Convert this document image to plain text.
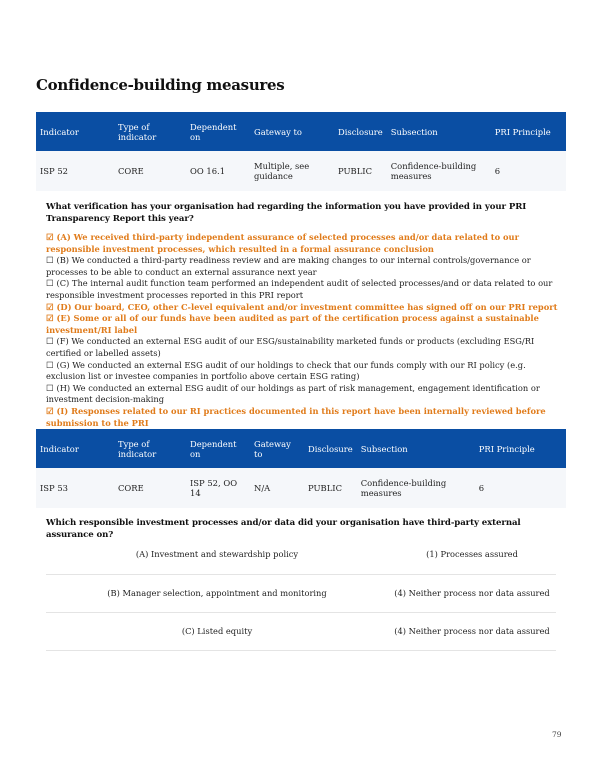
Confidence-building measures
Indicator	Type of indicator	Dependent on	Gateway to	Disclosure	Subsection	PRI Principle
ISP 52	CORE	OO 16.1	Multiple, see guidance	PUBLIC	Confidence-building measures	6
What verification has your organisation had regarding the information you have provided in your PRI Transparency Report this year?
☑ (A) We received third-party independent assurance of selected processes and/or data related to our responsible investment processes, which resulted in a formal assurance conclusion
☐ (B) We conducted a third-party readiness review and are making changes to our internal controls/governance or processes to be able to conduct an external assurance next year
☐ (C) The internal audit function team performed an independent audit of selected processes/and or data related to our responsible investment processes reported in this PRI report
☑ (D) Our board, CEO, other C-level equivalent and/or investment committee has signed off on our PRI report
☑ (E) Some or all of our funds have been audited as part of the certification process against a sustainable investment/RI label
☐ (F) We conducted an external ESG audit of our ESG/sustainability marketed funds or products (excluding ESG/RI certified or labelled assets)
☐ (G) We conducted an external ESG audit of our holdings to check that our funds comply with our RI policy (e.g. exclusion list or investee companies in portfolio above certain ESG rating)
☐ (H) We conducted an external ESG audit of our holdings as part of risk management, engagement identification or investment decision-making
☑ (I) Responses related to our RI practices documented in this report have been internally reviewed before submission to the PRI
Indicator	Type of indicator	Dependent on	Gateway to	Disclosure	Subsection	PRI Principle
ISP 53	CORE	ISP 52, OO 14	N/A	PUBLIC	Confidence-building measures	6
Which responsible investment processes and/or data did your organisation have third-party external assurance on?
(A) Investment and stewardship policy	(1) Processes assured
(B) Manager selection, appointment and monitoring	(4) Neither process nor data assured
(C) Listed equity	(4) Neither process nor data assured
79
